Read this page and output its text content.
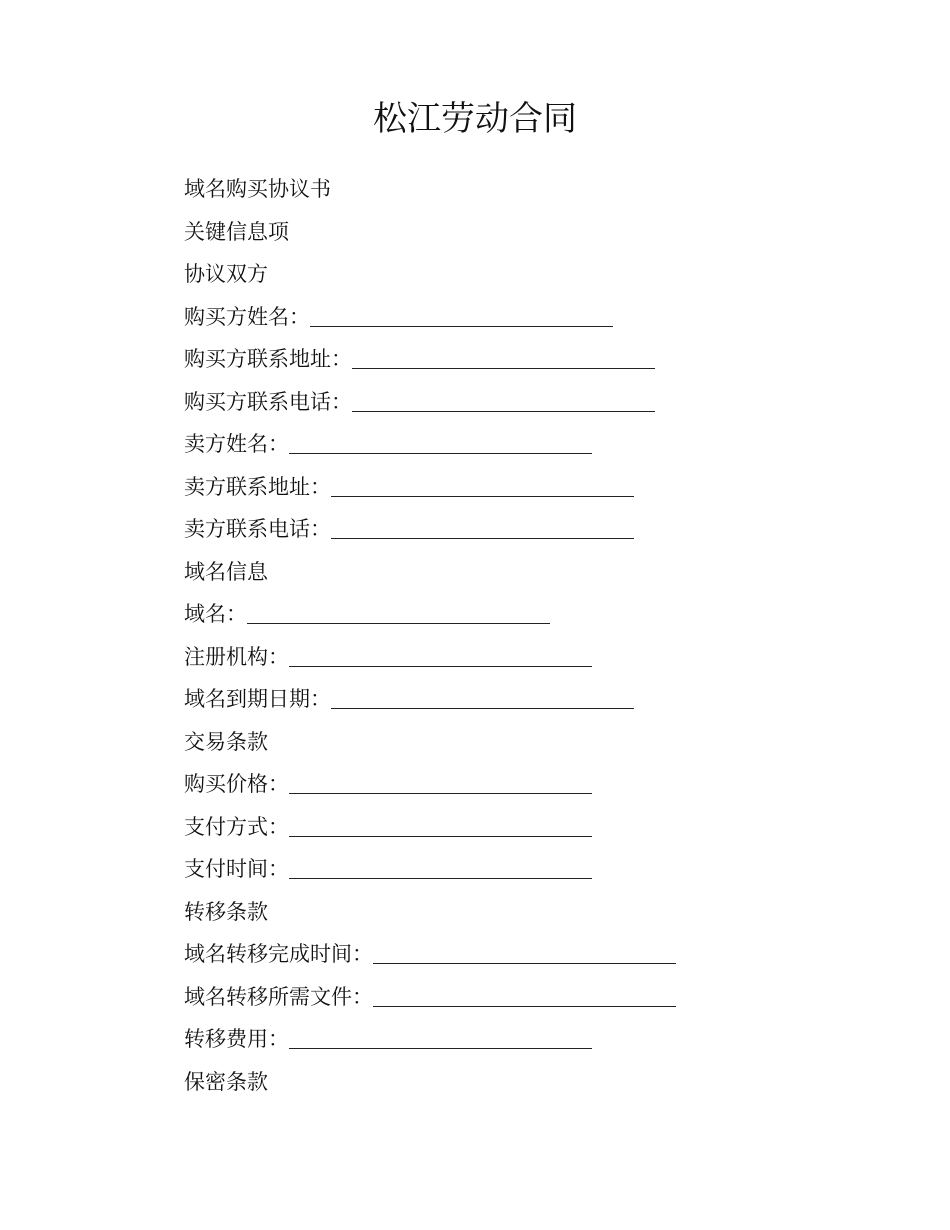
松江劳动合同
域名购买协议书
关键信息项
协议双方
购买方姓名：
购买方联系地址：
购买方联系电话：
卖方姓名：
卖方联系地址：
卖方联系电话：
域名信息
域名：
注册机构：
域名到期日期：
交易条款
购买价格：
支付方式：
支付时间：
转移条款
域名转移完成时间：
域名转移所需文件：
转移费用：
保密条款
